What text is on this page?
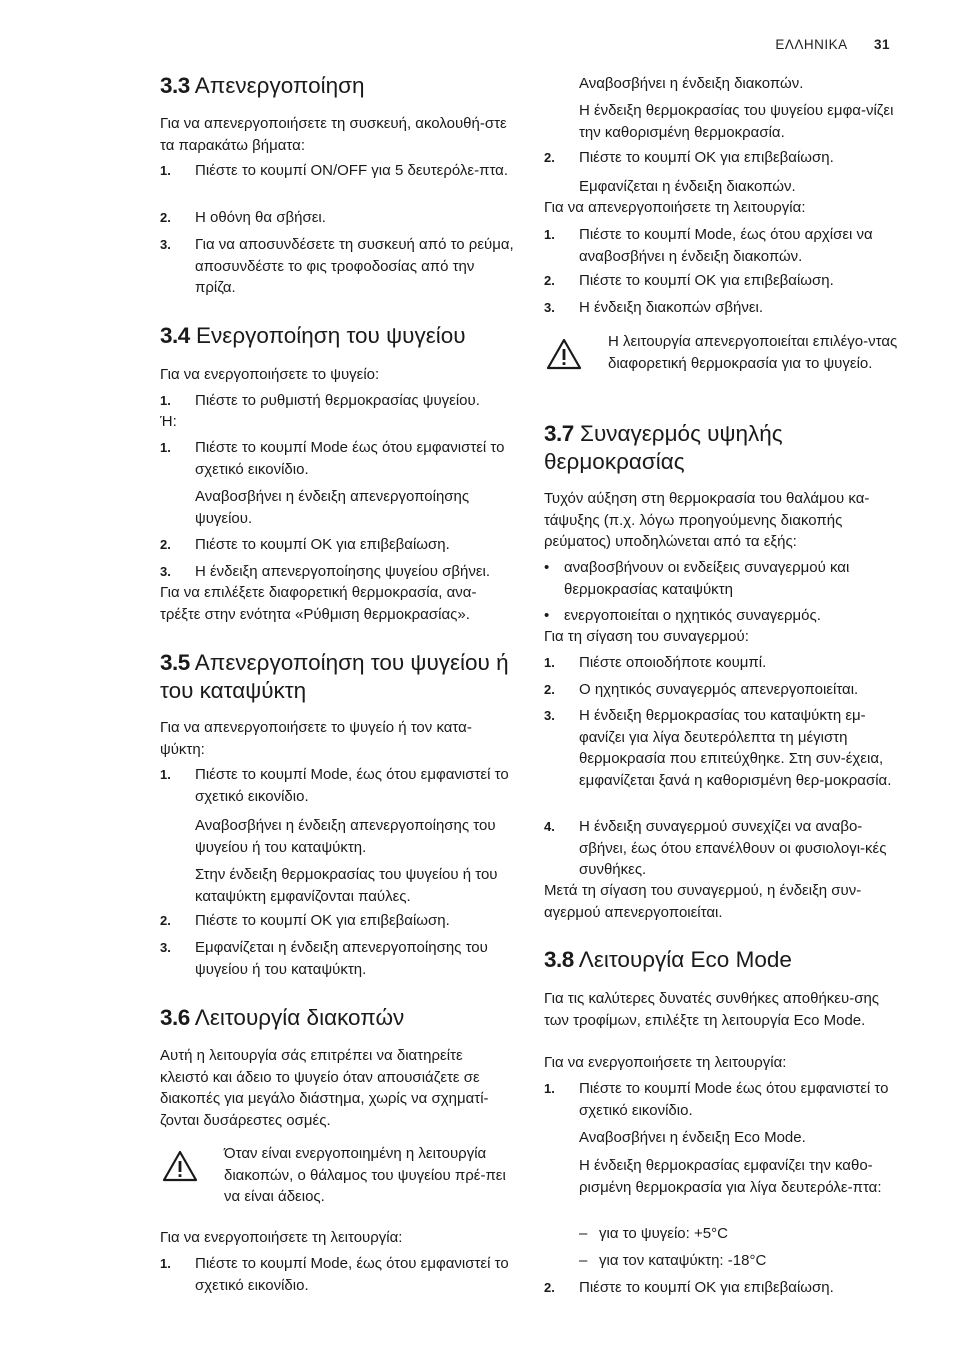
ΕΛΛΗΝΙΚΑ 31
3.3 Απενεργοποίηση

Για να απενεργοποιήσετε τη συσκευή, ακολουθή-στε τα παρακάτω βήματα:

1. Πιέστε το κουμπί ON/OFF για 5 δευτερόλε-πτα.
2. Η οθόνη θα σβήσει.
3. Για να αποσυνδέσετε τη συσκευή από το ρεύμα, αποσυνδέστε το φις τροφοδοσίας από την πρίζα.
3.4 Ενεργοποίηση του ψυγείου

Για να ενεργοποιήσετε το ψυγείο:

1. Πιέστε το ρυθμιστή θερμοκρασίας ψυγείου.

Ή:

1. Πιέστε το κουμπί Mode έως ότου εμφανιστεί το σχετικό εικονίδιο.

Αναβοσβήνει η ένδειξη απενεργοποίησης ψυγείου.

2. Πιέστε το κουμπί OK για επιβεβαίωση.
3. Η ένδειξη απενεργοποίησης ψυγείου σβήνει.

Για να επιλέξετε διαφορετική θερμοκρασία, ανα-τρέξτε στην ενότητα «Ρύθμιση θερμοκρασίας».

3.5 Απενεργοποίηση του ψυγείου ή του καταψύκτη

Για να απενεργοποιήσετε το ψυγείο ή τον κατα-ψύκτη:

1. Πιέστε το κουμπί Mode, έως ότου εμφανιστεί το σχετικό εικονίδιο.

Αναβοσβήνει η ένδειξη απενεργοποίησης του ψυγείου ή του καταψύκτη.

Στην ένδειξη θερμοκρασίας του ψυγείου ή του καταψύκτη εμφανίζονται παύλες.

2. Πιέστε το κουμπί OK για επιβεβαίωση.
3. Εμφανίζεται η ένδειξη απενεργοποίησης του ψυγείου ή του καταψύκτη.
3.6 Λειτουργία διακοπών

Αυτή η λειτουργία σάς επιτρέπει να διατηρείτε κλειστό και άδειο το ψυγείο όταν απουσιάζετε σε διακοπές για μεγάλο διάστημα, χωρίς να σχηματί-ζονται δυσάρεστες οσμές.

Όταν είναι ενεργοποιημένη η λειτουργία διακοπών, ο θάλαμος του ψυγείου πρέ-πει να είναι άδειος.

Για να ενεργοποιήσετε τη λειτουργία:

1. Πιέστε το κουμπί Mode, έως ότου εμφανιστεί το σχετικό εικονίδιο.

Αναβοσβήνει η ένδειξη διακοπών.

Η ένδειξη θερμοκρασίας του ψυγείου εμφα-νίζει την καθορισμένη θερμοκρασία.

2. Πιέστε το κουμπί OK για επιβεβαίωση.

Εμφανίζεται η ένδειξη διακοπών.

Για να απενεργοποιήσετε τη λειτουργία:

1. Πιέστε το κουμπί Mode, έως ότου αρχίσει να αναβοσβήνει η ένδειξη διακοπών.
2. Πιέστε το κουμπί OK για επιβεβαίωση.
3. Η ένδειξη διακοπών σβήνει.
Η λειτουργία απενεργοποιείται επιλέγο-ντας διαφορετική θερμοκρασία για το ψυγείο.
3.7 Συναγερμός υψηλής θερμοκρασίας

Τυχόν αύξηση στη θερμοκρασία του θαλάμου κα-τάψυξης (π.χ. λόγω προηγούμενης διακοπής ρεύματος) υποδηλώνεται από τα εξής:

• αναβοσβήνουν οι ενδείξεις συναγερμού και θερμοκρασίας καταψύκτη
• ενεργοποιείται ο ηχητικός συναγερμός.

Για τη σίγαση του συναγερμού:

1. Πιέστε οποιοδήποτε κουμπί.
2. Ο ηχητικός συναγερμός απενεργοποιείται.
3. Η ένδειξη θερμοκρασίας του καταψύκτη εμ-φανίζει για λίγα δευτερόλεπτα τη μέγιστη θερμοκρασία που επιτεύχθηκε. Στη συν-έχεια, εμφανίζεται ξανά η καθορισμένη θερ-μοκρασία.
4. Η ένδειξη συναγερμού συνεχίζει να αναβο-σβήνει, έως ότου επανέλθουν οι φυσιολογι-κές συνθήκες.

Μετά τη σίγαση του συναγερμού, η ένδειξη συν-αγερμού απενεργοποιείται.

3.8 Λειτουργία Eco Mode

Για τις καλύτερες δυνατές συνθήκες αποθήκευ-σης των τροφίμων, επιλέξτε τη λειτουργία Eco Mode.

Για να ενεργοποιήσετε τη λειτουργία:

1. Πιέστε το κουμπί Mode έως ότου εμφανιστεί το σχετικό εικονίδιο.

Αναβοσβήνει η ένδειξη Eco Mode.

Η ένδειξη θερμοκρασίας εμφανίζει την καθο-ρισμένη θερμοκρασία για λίγα δευτερόλε-πτα:

– για το ψυγείο: +5°C
– για τον καταψύκτη: -18°C
2. Πιέστε το κουμπί OK για επιβεβαίωση.
